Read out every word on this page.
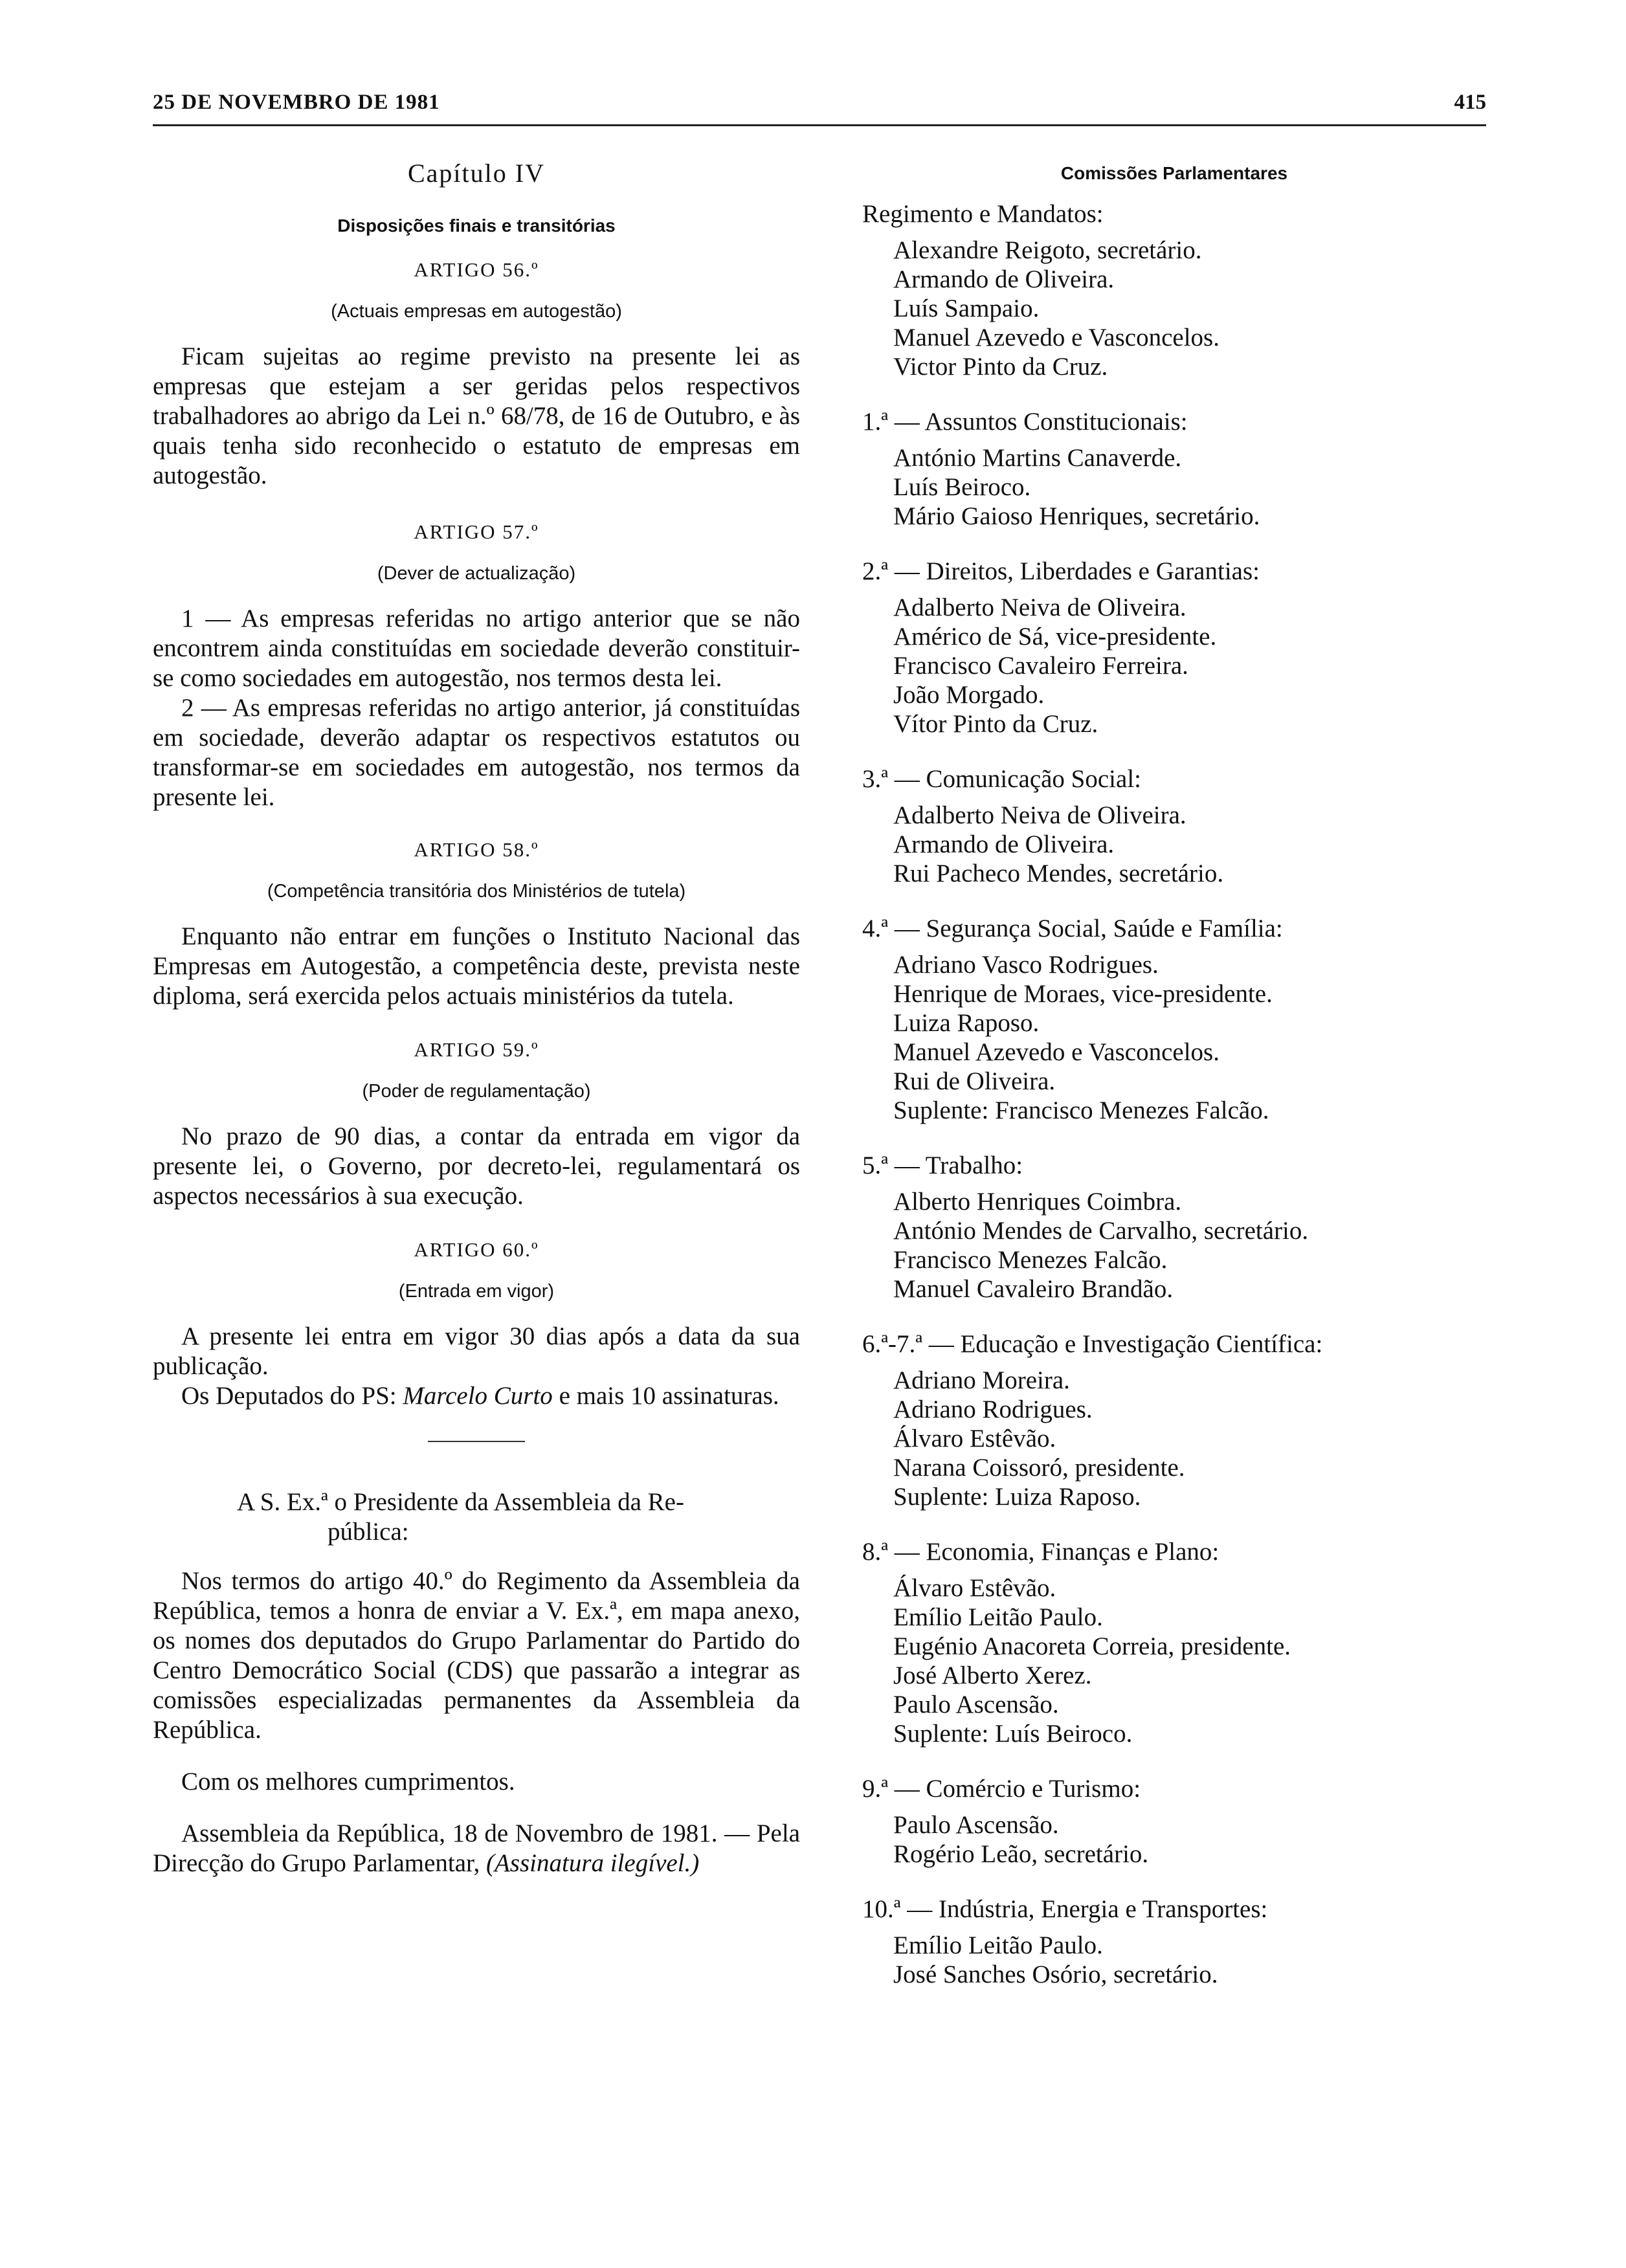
25 DE NOVEMBRO DE 1981	415
Capítulo IV
Disposições finais e transitórias
ARTIGO 56.º
(Actuais empresas em autogestão)

Ficam sujeitas ao regime previsto na presente lei as empresas que estejam a ser geridas pelos respectivos trabalhadores ao abrigo da Lei n.º 68/78, de 16 de Outubro, e às quais tenha sido reconhecido o estatuto de empresas em autogestão.

ARTIGO 57.º
(Dever de actualização)

1 — As empresas referidas no artigo anterior que se não encontrem ainda constituídas em sociedade deverão constituir-se como sociedades em autogestão, nos termos desta lei.

2 — As empresas referidas no artigo anterior, já constituídas em sociedade, deverão adaptar os respectivos estatutos ou transformar-se em sociedades em autogestão, nos termos da presente lei.

ARTIGO 58.º
(Competência transitória dos Ministérios de tutela)

Enquanto não entrar em funções o Instituto Nacional das Empresas em Autogestão, a competência deste, prevista neste diploma, será exercida pelos actuais ministérios da tutela.

ARTIGO 59.º
(Poder de regulamentação)

No prazo de 90 dias, a contar da entrada em vigor da presente lei, o Governo, por decreto-lei, regulamentará os aspectos necessários à sua execução.

ARTIGO 60.º
(Entrada em vigor)

A presente lei entra em vigor 30 dias após a data da sua publicação.

Os Deputados do PS: Marcelo Curto e mais 10 assinaturas.

A S. Ex.ª o Presidente da Assembleia da Re-
pública:

Nos termos do artigo 40.º do Regimento da Assembleia da República, temos a honra de enviar a V. Ex.ª, em mapa anexo, os nomes dos deputados do Grupo Parlamentar do Partido do Centro Democrático Social (CDS) que passarão a integrar as comissões especializadas permanentes da Assembleia da República.

Com os melhores cumprimentos.

Assembleia da República, 18 de Novembro de 1981. — Pela Direcção do Grupo Parlamentar, (Assinatura ilegível.)

Comissões Parlamentares
Regimento e Mandatos:
Alexandre Reigoto, secretário.
Armando de Oliveira.
Luís Sampaio.
Manuel Azevedo e Vasconcelos.
Victor Pinto da Cruz.
1.ª — Assuntos Constitucionais:
António Martins Canaverde.
Luís Beiroco.
Mário Gaioso Henriques, secretário.
2.ª — Direitos, Liberdades e Garantias:
Adalberto Neiva de Oliveira.
Américo de Sá, vice-presidente.
Francisco Cavaleiro Ferreira.
João Morgado.
Vítor Pinto da Cruz.
3.ª — Comunicação Social:
Adalberto Neiva de Oliveira.
Armando de Oliveira.
Rui Pacheco Mendes, secretário.
4.ª — Segurança Social, Saúde e Família:
Adriano Vasco Rodrigues.
Henrique de Moraes, vice-presidente.
Luiza Raposo.
Manuel Azevedo e Vasconcelos.
Rui de Oliveira.
Suplente: Francisco Menezes Falcão.
5.ª — Trabalho:
Alberto Henriques Coimbra.
António Mendes de Carvalho, secretário.
Francisco Menezes Falcão.
Manuel Cavaleiro Brandão.
6.ª-7.ª — Educação e Investigação Científica:
Adriano Moreira.
Adriano Rodrigues.
Álvaro Estêvão.
Narana Coissoró, presidente.
Suplente: Luiza Raposo.
8.ª — Economia, Finanças e Plano:
Álvaro Estêvão.
Emílio Leitão Paulo.
Eugénio Anacoreta Correia, presidente.
José Alberto Xerez.
Paulo Ascensão.
Suplente: Luís Beiroco.
9.ª — Comércio e Turismo:
Paulo Ascensão.
Rogério Leão, secretário.
10.ª — Indústria, Energia e Transportes:
Emílio Leitão Paulo.
José Sanches Osório, secretário.
